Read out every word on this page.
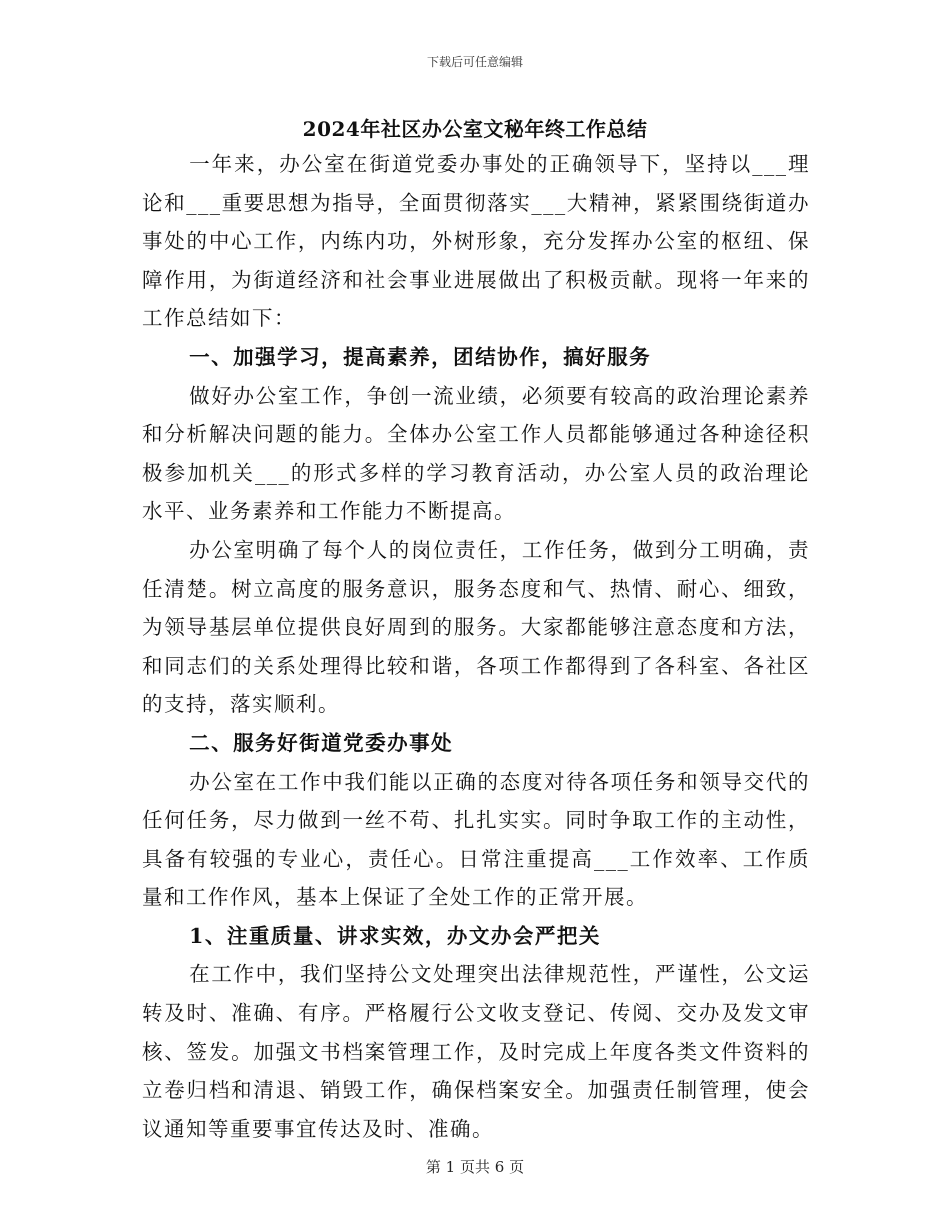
下载后可任意编辑
2024年社区办公室文秘年终工作总结

一年来，办公室在街道党委办事处的正确领导下，坚持以___理论和___重要思想为指导，全面贯彻落实___大精神，紧紧围绕街道办事处的中心工作，内练内功，外树形象，充分发挥办公室的枢纽、保障作用，为街道经济和社会事业进展做出了积极贡献。现将一年来的工作总结如下：

一、加强学习，提高素养，团结协作，搞好服务

做好办公室工作，争创一流业绩，必须要有较高的政治理论素养和分析解决问题的能力。全体办公室工作人员都能够通过各种途径积极参加机关___的形式多样的学习教育活动，办公室人员的政治理论水平、业务素养和工作能力不断提高。

办公室明确了每个人的岗位责任，工作任务，做到分工明确，责任清楚。树立高度的服务意识，服务态度和气、热情、耐心、细致，为领导基层单位提供良好周到的服务。大家都能够注意态度和方法，和同志们的关系处理得比较和谐，各项工作都得到了各科室、各社区的支持，落实顺利。

二、服务好街道党委办事处

办公室在工作中我们能以正确的态度对待各项任务和领导交代的任何任务，尽力做到一丝不苟、扎扎实实。同时争取工作的主动性，具备有较强的专业心，责任心。日常注重提高___工作效率、工作质量和工作作风，基本上保证了全处工作的正常开展。

1、注重质量、讲求实效，办文办会严把关

在工作中，我们坚持公文处理突出法律规范性，严谨性，公文运转及时、准确、有序。严格履行公文收支登记、传阅、交办及发文审核、签发。加强文书档案管理工作，及时完成上年度各类文件资料的立卷归档和清退、销毁工作，确保档案安全。加强责任制管理，使会议通知等重要事宜传达及时、准确。

第 1 页共 6 页
